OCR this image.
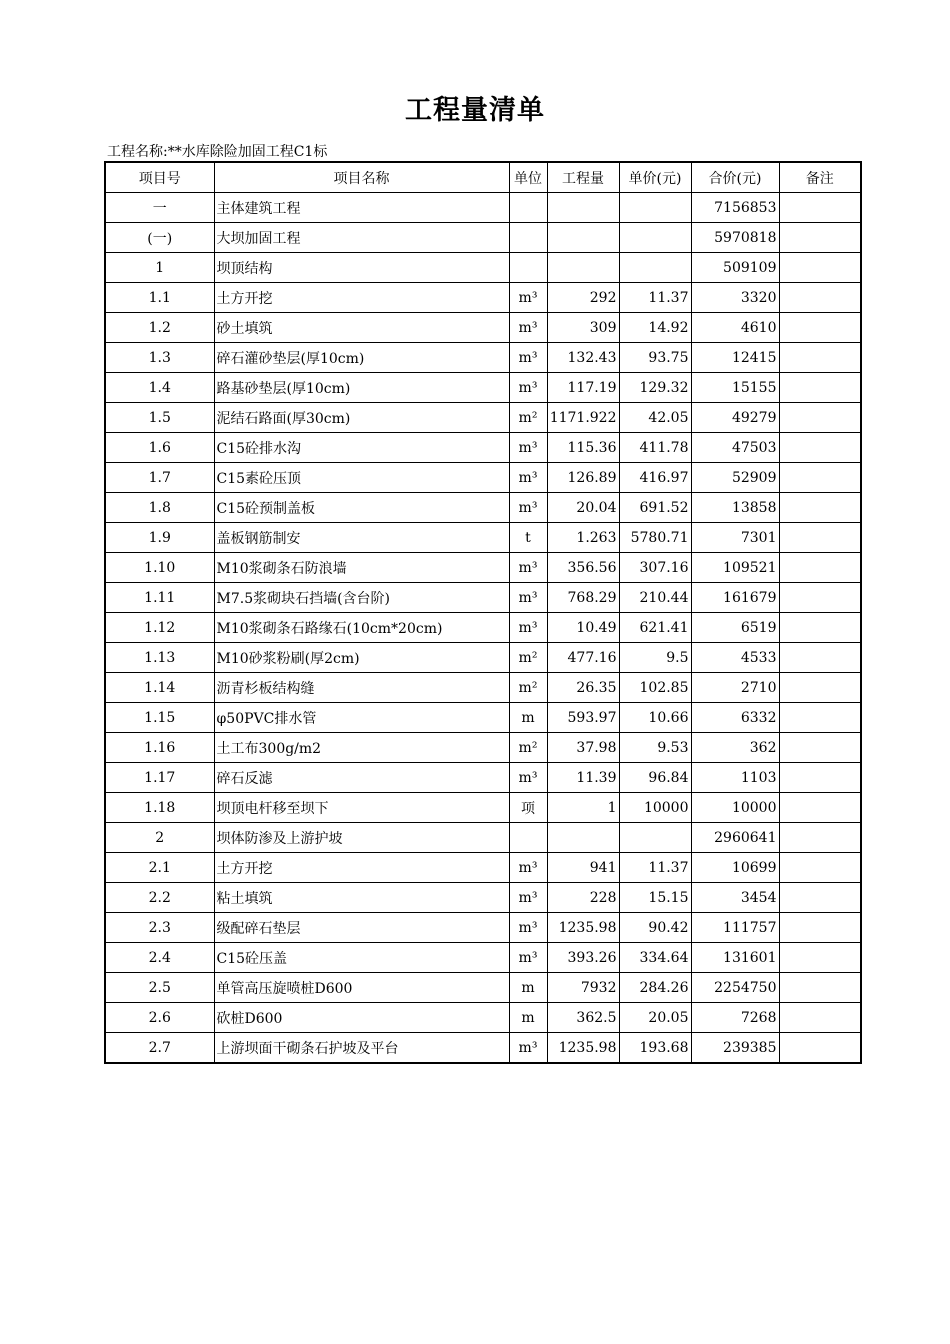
工程量清单
工程名称:**水库除险加固工程C1标
项目号	项目名称	单位	工程量	单价(元)	合价(元)	备注
一	主体建筑工程				7156853	
(一)	大坝加固工程				5970818	
1	坝顶结构				509109	
1.1	土方开挖	m³	292	11.37	3320	
1.2	砂土填筑	m³	309	14.92	4610	
1.3	碎石灌砂垫层(厚10cm)	m³	132.43	93.75	12415	
1.4	路基砂垫层(厚10cm)	m³	117.19	129.32	15155	
1.5	泥结石路面(厚30cm)	m²	1171.922	42.05	49279	
1.6	C15砼排水沟	m³	115.36	411.78	47503	
1.7	C15素砼压顶	m³	126.89	416.97	52909	
1.8	C15砼预制盖板	m³	20.04	691.52	13858	
1.9	盖板钢筋制安	t	1.263	5780.71	7301	
1.10	M10浆砌条石防浪墙	m³	356.56	307.16	109521	
1.11	M7.5浆砌块石挡墙(含台阶)	m³	768.29	210.44	161679	
1.12	M10浆砌条石路缘石(10cm*20cm)	m³	10.49	621.41	6519	
1.13	M10砂浆粉刷(厚2cm)	m²	477.16	9.5	4533	
1.14	沥青杉板结构缝	m²	26.35	102.85	2710	
1.15	φ50PVC排水管	m	593.97	10.66	6332	
1.16	土工布300g/m2	m²	37.98	9.53	362	
1.17	碎石反滤	m³	11.39	96.84	1103	
1.18	坝顶电杆移至坝下	项	1	10000	10000	
2	坝体防渗及上游护坡				2960641	
2.1	土方开挖	m³	941	11.37	10699	
2.2	粘土填筑	m³	228	15.15	3454	
2.3	级配碎石垫层	m³	1235.98	90.42	111757	
2.4	C15砼压盖	m³	393.26	334.64	131601	
2.5	单管高压旋喷桩D600	m	7932	284.26	2254750	
2.6	砍桩D600	m	362.5	20.05	7268	
2.7	上游坝面干砌条石护坡及平台	m³	1235.98	193.68	239385	
